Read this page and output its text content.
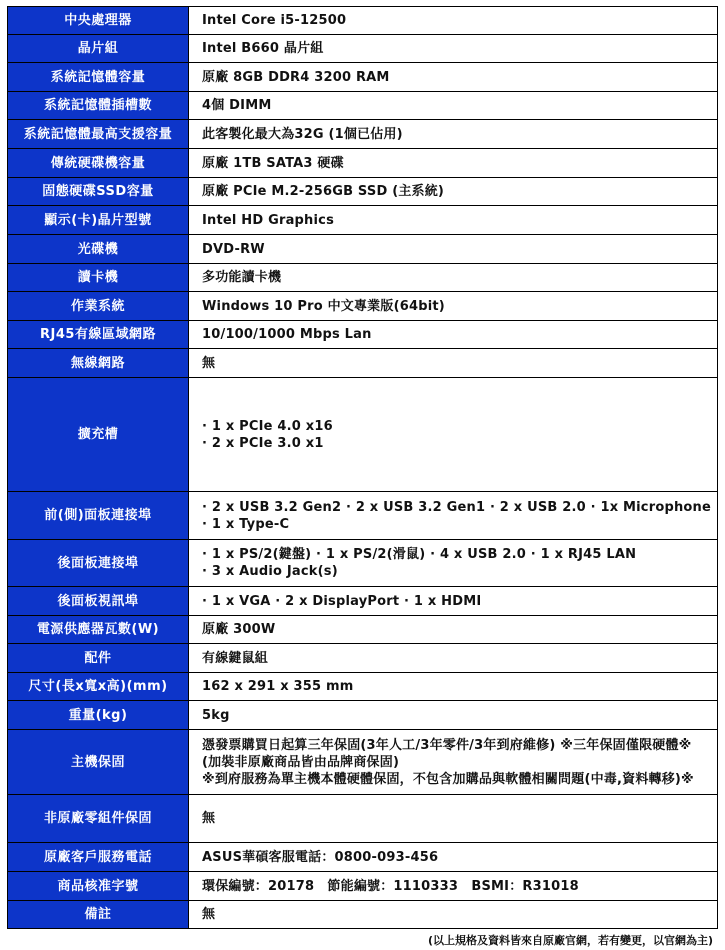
中央處理器	Intel Core i5-12500

晶片組	Intel B660 晶片組

系統記憶體容量	原廠 8GB DDR4 3200 RAM

系統記憶體插槽數	4個 DIMM

系統記憶體最高支援容量	此客製化最大為32G (1個已佔用)

傳統硬碟機容量	原廠 1TB SATA3 硬碟

固態硬碟SSD容量	原廠 PCIe M.2-256GB SSD (主系統)

顯示(卡)晶片型號	Intel HD Graphics

光碟機	DVD-RW

讀卡機	多功能讀卡機

作業系統	Windows 10 Pro 中文專業版(64bit)

RJ45有線區域網路	10/100/1000 Mbps Lan

無線網路	無

擴充槽	· 1 x PCIe 4.0 x16
· 2 x PCIe 3.0 x1

前(側)面板連接埠	· 2 x USB 3.2 Gen2 · 2 x USB 3.2 Gen1 · 2 x USB 2.0 · 1x Microphone
· 1 x Type-C

後面板連接埠	· 1 x PS/2(鍵盤) · 1 x PS/2(滑鼠) · 4 x USB 2.0 · 1 x RJ45 LAN
· 3 x Audio Jack(s)

後面板視訊埠	· 1 x VGA · 2 x DisplayPort · 1 x HDMI

電源供應器瓦數(W)	原廠 300W

配件	有線鍵鼠組

尺寸(長x寬x高)(mm)	162 x 291 x 355 mm

重量(kg)	5kg

主機保固	憑發票購買日起算三年保固(3年人工/3年零件/3年到府維修) ※三年保固僅限硬體※
(加裝非原廠商品皆由品牌商保固)
※到府服務為單主機本體硬體保固，不包含加購品與軟體相關問題(中毒,資料轉移)※

非原廠零組件保固	無

原廠客戶服務電話	ASUS華碩客服電話：0800-093-456

商品核准字號	環保編號：20178　節能編號：1110333　BSMI：R31018

備註	無
(以上規格及資料皆來自原廠官網，若有變更，以官網為主)
